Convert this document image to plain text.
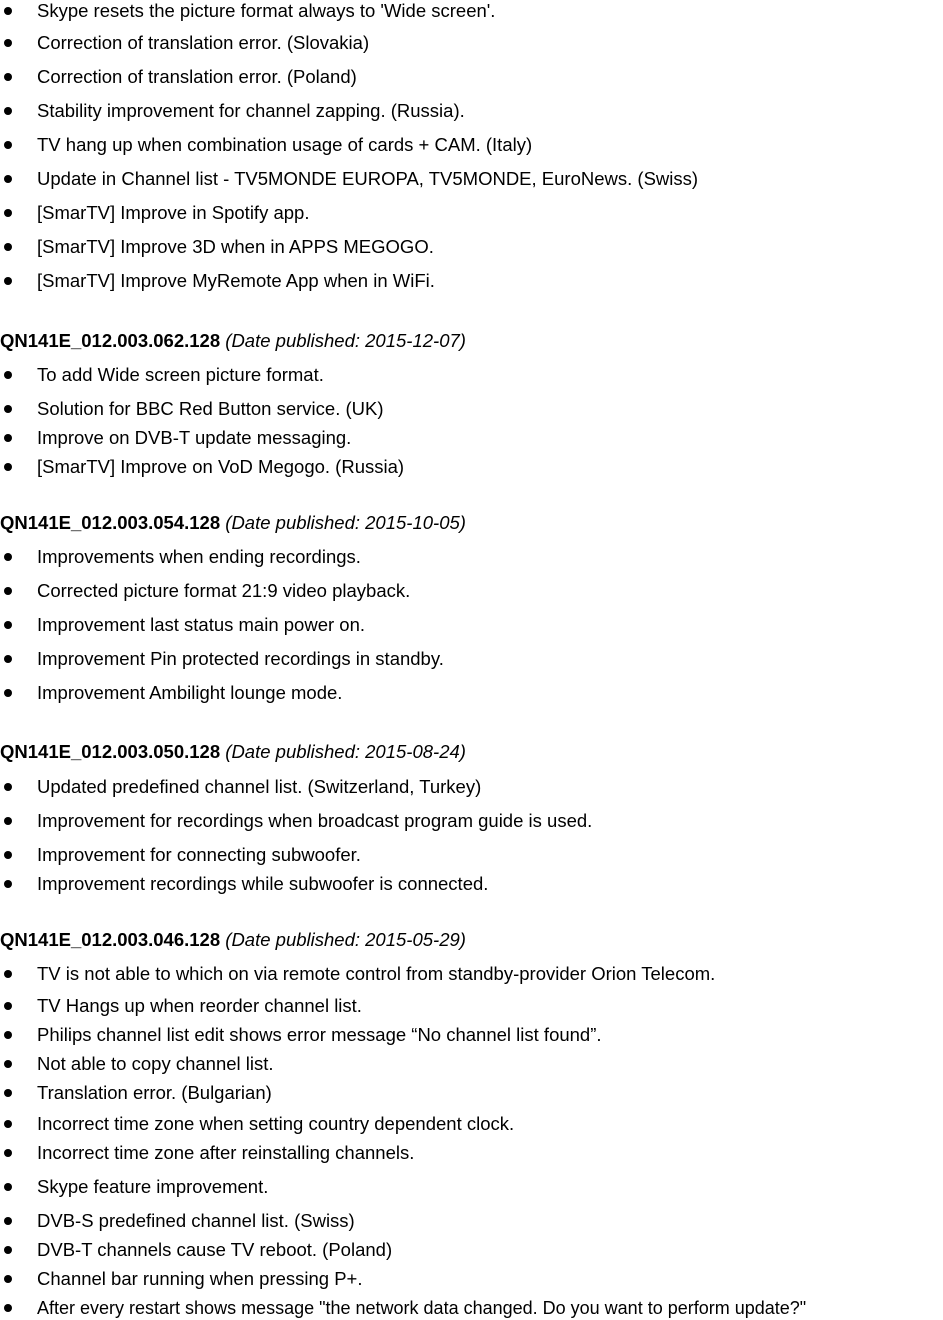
Skype resets the picture format always to 'Wide screen'.
Correction of translation error. (Slovakia)
Correction of translation error. (Poland)
Stability improvement for channel zapping. (Russia).
TV hang up when combination usage of cards + CAM. (Italy)
Update in Channel list - TV5MONDE EUROPA, TV5MONDE, EuroNews. (Swiss)
[SmarTV] Improve in Spotify app.
[SmarTV] Improve 3D when in APPS MEGOGO.
[SmarTV] Improve MyRemote App when in WiFi.
QN141E_012.003.062.128 (Date published: 2015-12-07)
To add Wide screen picture format.
Solution for BBC Red Button service. (UK)
Improve on DVB-T update messaging.
[SmarTV] Improve on VoD Megogo. (Russia)
QN141E_012.003.054.128 (Date published: 2015-10-05)
Improvements when ending recordings.
Corrected picture format 21:9 video playback.
Improvement last status main power on.
Improvement Pin protected recordings in standby.
Improvement Ambilight lounge mode.
QN141E_012.003.050.128 (Date published: 2015-08-24)
Updated predefined channel list. (Switzerland, Turkey)
Improvement for recordings when broadcast program guide is used.
Improvement for connecting subwoofer.
Improvement recordings while subwoofer is connected.
QN141E_012.003.046.128 (Date published: 2015-05-29)
TV is not able to which on via remote control from standby-provider Orion Telecom.
TV Hangs up when reorder channel list.
Philips channel list edit shows error message “No channel list found”.
Not able to copy channel list.
Translation error. (Bulgarian)
Incorrect time zone when setting country dependent clock.
Incorrect time zone after reinstalling channels.
Skype feature improvement.
DVB-S predefined channel list. (Swiss)
DVB-T channels cause TV reboot. (Poland)
Channel bar running when pressing P+.
After every restart shows message "the network data changed. Do you want to perform update?"
